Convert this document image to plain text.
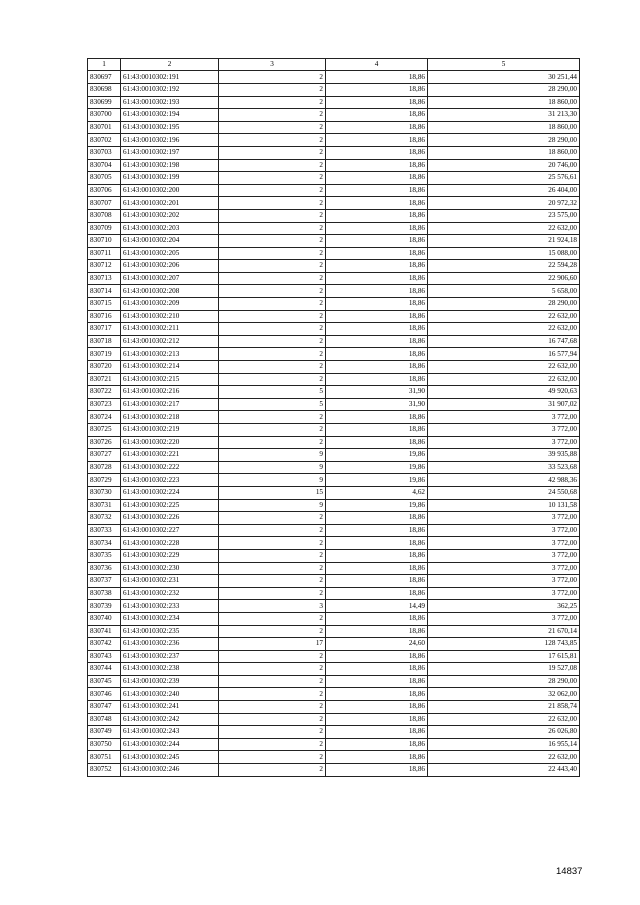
1	2	3	4	5
830697	61:43:0010302:191	2	18,86	30 251,44
830698	61:43:0010302:192	2	18,86	28 290,00
830699	61:43:0010302:193	2	18,86	18 860,00
830700	61:43:0010302:194	2	18,86	31 213,30
830701	61:43:0010302:195	2	18,86	18 860,00
830702	61:43:0010302:196	2	18,86	28 290,00
830703	61:43:0010302:197	2	18,86	18 860,00
830704	61:43:0010302:198	2	18,86	20 746,00
830705	61:43:0010302:199	2	18,86	25 576,61
830706	61:43:0010302:200	2	18,86	26 404,00
830707	61:43:0010302:201	2	18,86	20 972,32
830708	61:43:0010302:202	2	18,86	23 575,00
830709	61:43:0010302:203	2	18,86	22 632,00
830710	61:43:0010302:204	2	18,86	21 924,18
830711	61:43:0010302:205	2	18,86	15 088,00
830712	61:43:0010302:206	2	18,86	22 594,28
830713	61:43:0010302:207	2	18,86	22 906,60
830714	61:43:0010302:208	2	18,86	5 658,00
830715	61:43:0010302:209	2	18,86	28 290,00
830716	61:43:0010302:210	2	18,86	22 632,00
830717	61:43:0010302:211	2	18,86	22 632,00
830718	61:43:0010302:212	2	18,86	16 747,68
830719	61:43:0010302:213	2	18,86	16 577,94
830720	61:43:0010302:214	2	18,86	22 632,00
830721	61:43:0010302:215	2	18,86	22 632,00
830722	61:43:0010302:216	5	31,90	49 920,63
830723	61:43:0010302:217	5	31,90	31 907,02
830724	61:43:0010302:218	2	18,86	3 772,00
830725	61:43:0010302:219	2	18,86	3 772,00
830726	61:43:0010302:220	2	18,86	3 772,00
830727	61:43:0010302:221	9	19,86	39 935,88
830728	61:43:0010302:222	9	19,86	33 523,68
830729	61:43:0010302:223	9	19,86	42 988,36
830730	61:43:0010302:224	15	4,62	24 550,68
830731	61:43:0010302:225	9	19,86	10 131,58
830732	61:43:0010302:226	2	18,86	3 772,00
830733	61:43:0010302:227	2	18,86	3 772,00
830734	61:43:0010302:228	2	18,86	3 772,00
830735	61:43:0010302:229	2	18,86	3 772,00
830736	61:43:0010302:230	2	18,86	3 772,00
830737	61:43:0010302:231	2	18,86	3 772,00
830738	61:43:0010302:232	2	18,86	3 772,00
830739	61:43:0010302:233	3	14,49	362,25
830740	61:43:0010302:234	2	18,86	3 772,00
830741	61:43:0010302:235	2	18,86	21 670,14
830742	61:43:0010302:236	17	24,60	128 743,85
830743	61:43:0010302:237	2	18,86	17 615,81
830744	61:43:0010302:238	2	18,86	19 527,08
830745	61:43:0010302:239	2	18,86	28 290,00
830746	61:43:0010302:240	2	18,86	32 062,00
830747	61:43:0010302:241	2	18,86	21 858,74
830748	61:43:0010302:242	2	18,86	22 632,00
830749	61:43:0010302:243	2	18,86	26 026,80
830750	61:43:0010302:244	2	18,86	16 955,14
830751	61:43:0010302:245	2	18,86	22 632,00
830752	61:43:0010302:246	2	18,86	22 443,40
14837
